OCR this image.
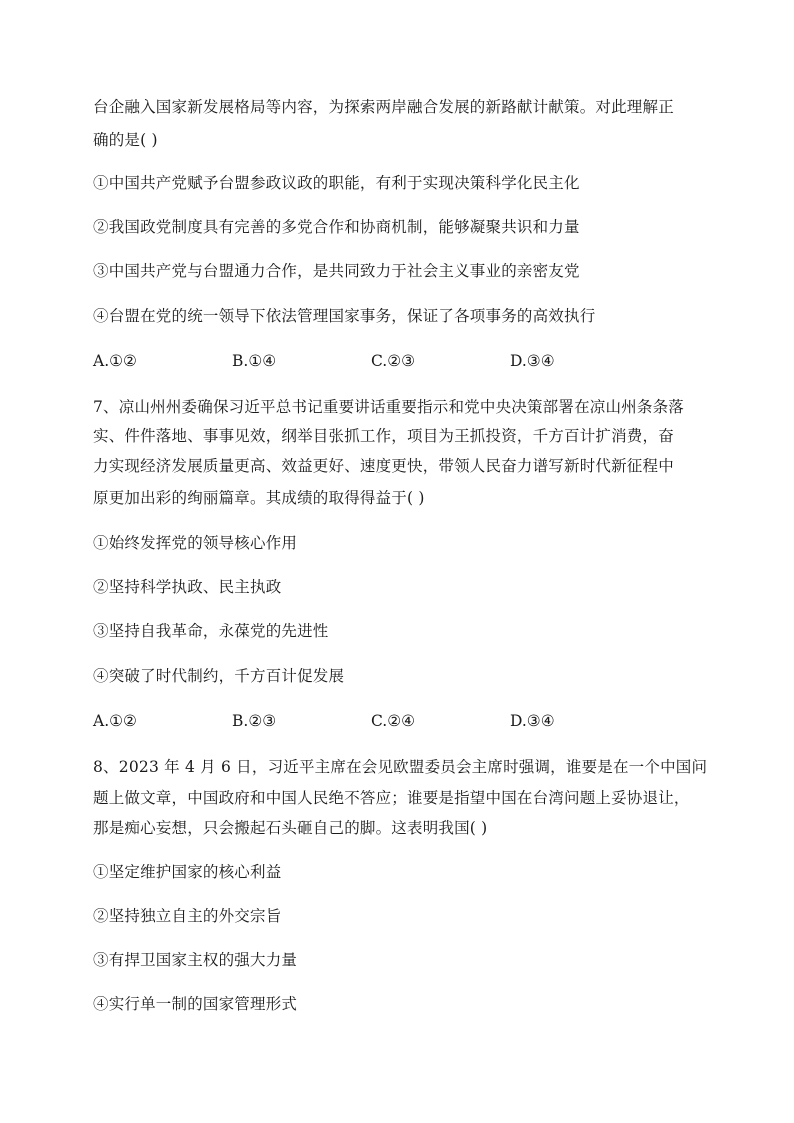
台企融入国家新发展格局等内容，为探索两岸融合发展的新路献计献策。对此理解正
确的是( )
①中国共产党赋予台盟参政议政的职能，有利于实现决策科学化民主化
②我国政党制度具有完善的多党合作和协商机制，能够凝聚共识和力量
③中国共产党与台盟通力合作，是共同致力于社会主义事业的亲密友党
④台盟在党的统一领导下依法管理国家事务，保证了各项事务的高效执行
A.①②	B.①④	C.②③	D.③④
7、凉山州州委确保习近平总书记重要讲话重要指示和党中央决策部署在凉山州条条落
实、件件落地、事事见效，纲举目张抓工作，项目为王抓投资，千方百计扩消费，奋
力实现经济发展质量更高、效益更好、速度更快，带领人民奋力谱写新时代新征程中
原更加出彩的绚丽篇章。其成绩的取得得益于( )
①始终发挥党的领导核心作用
②坚持科学执政、民主执政
③坚持自我革命，永葆党的先进性
④突破了时代制约，千方百计促发展
A.①②	B.②③	C.②④	D.③④
8、2023 年 4 月 6 日，习近平主席在会见欧盟委员会主席时强调，谁要是在一个中国问
题上做文章，中国政府和中国人民绝不答应；谁要是指望中国在台湾问题上妥协退让，
那是痴心妄想，只会搬起石头砸自己的脚。这表明我国( )
①坚定维护国家的核心利益
②坚持独立自主的外交宗旨
③有捍卫国家主权的强大力量
④实行单一制的国家管理形式
